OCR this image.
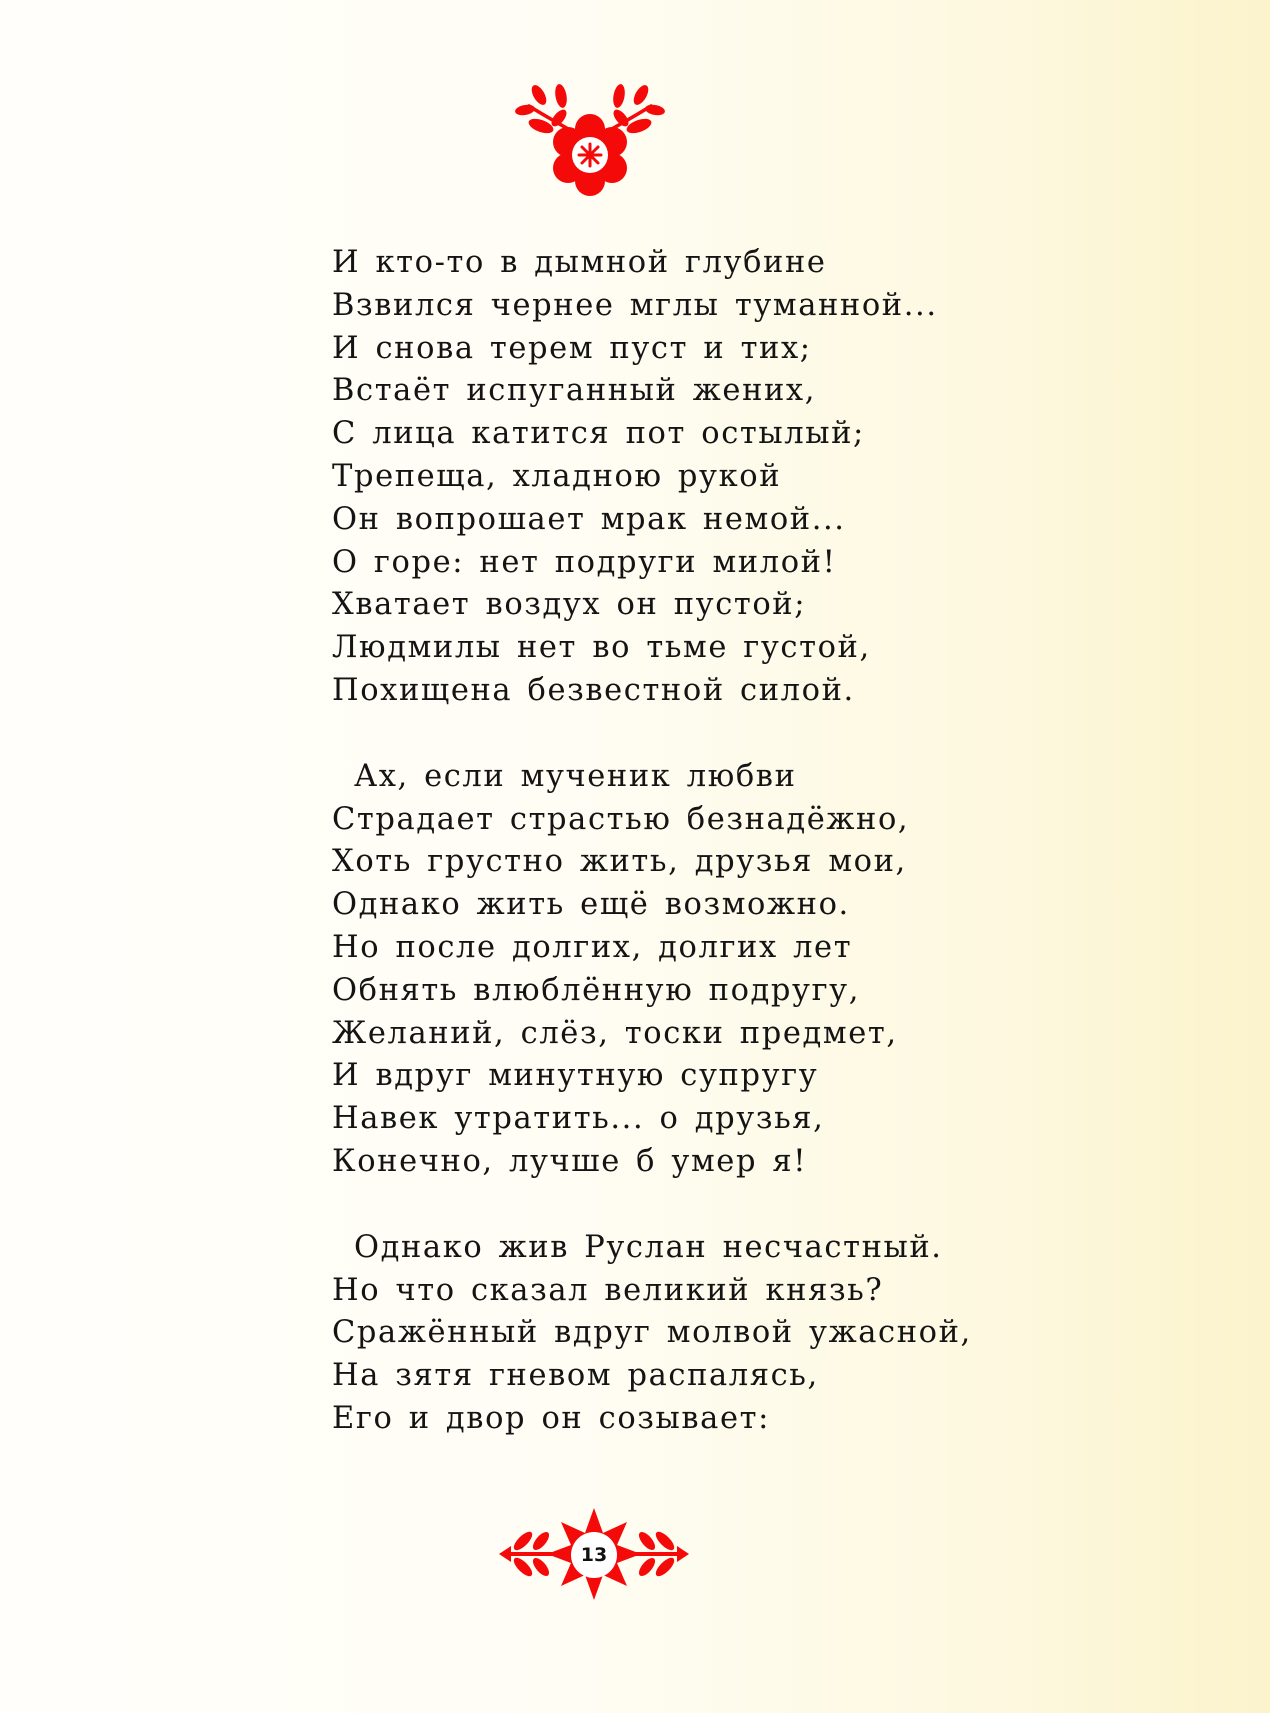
И кто-то в дымной глубине
Взвился чернее мглы туманной...
И снова терем пуст и тих;
Встаёт испуганный жених,
С лица катится пот остылый;
Трепеща, хладною рукой
Он вопрошает мрак немой...
О горе: нет подруги милой!
Хватает воздух он пустой;
Людмилы нет во тьме густой,
Похищена безвестной силой.
Ах, если мученик любви
Страдает страстью безнадёжно,
Хоть грустно жить, друзья мои,
Однако жить ещё возможно.
Но после долгих, долгих лет
Обнять влюблённую подругу,
Желаний, слёз, тоски предмет,
И вдруг минутную супругу
Навек утратить... о друзья,
Конечно, лучше б умер я!
Однако жив Руслан несчастный.
Но что сказал великий князь?
Сражённый вдруг молвой ужасной,
На зятя гневом распалясь,
Его и двор он созывает:
13
